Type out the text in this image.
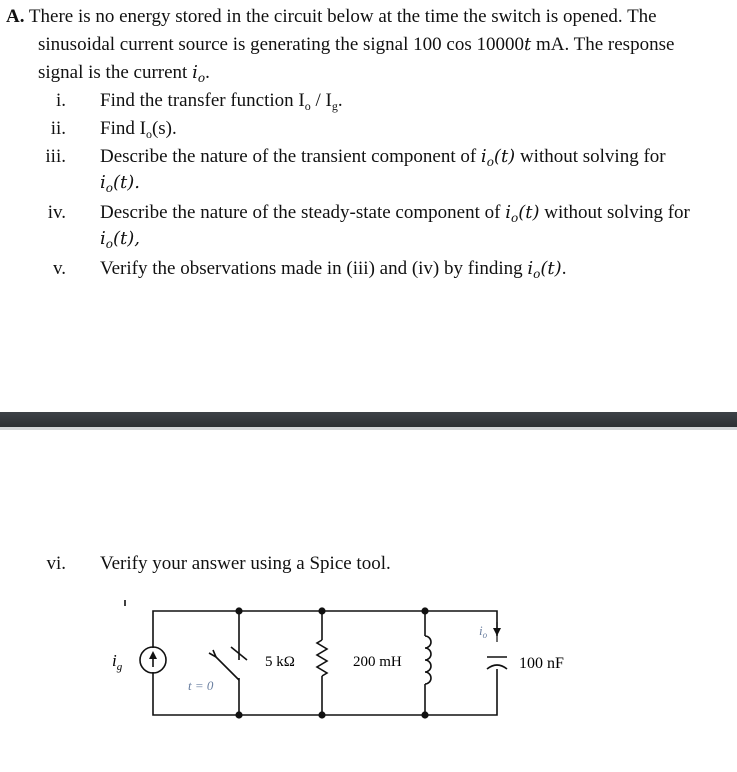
A. There is no energy stored in the circuit below at the time the switch is opened. The
sinusoidal current source is generating the signal 100 cos 10000t mA. The response
signal is the current $i_o$.
i. Find the transfer function $I_o / I_g$.
ii. Find $I_o(s)$.
iii. Describe the nature of the transient component of $i_o(t)$ without solving for
$i_o(t)$.
iv. Describe the nature of the steady-state component of $i_o(t)$ without solving for
$i_o(t)$,
v. Verify the observations made in (iii) and (iv) by finding $i_o(t)$.
vi. Verify your answer using a Spice tool.
$i_g$
t = 0
5 kΩ	200 mH
$i_o$
100 nF
